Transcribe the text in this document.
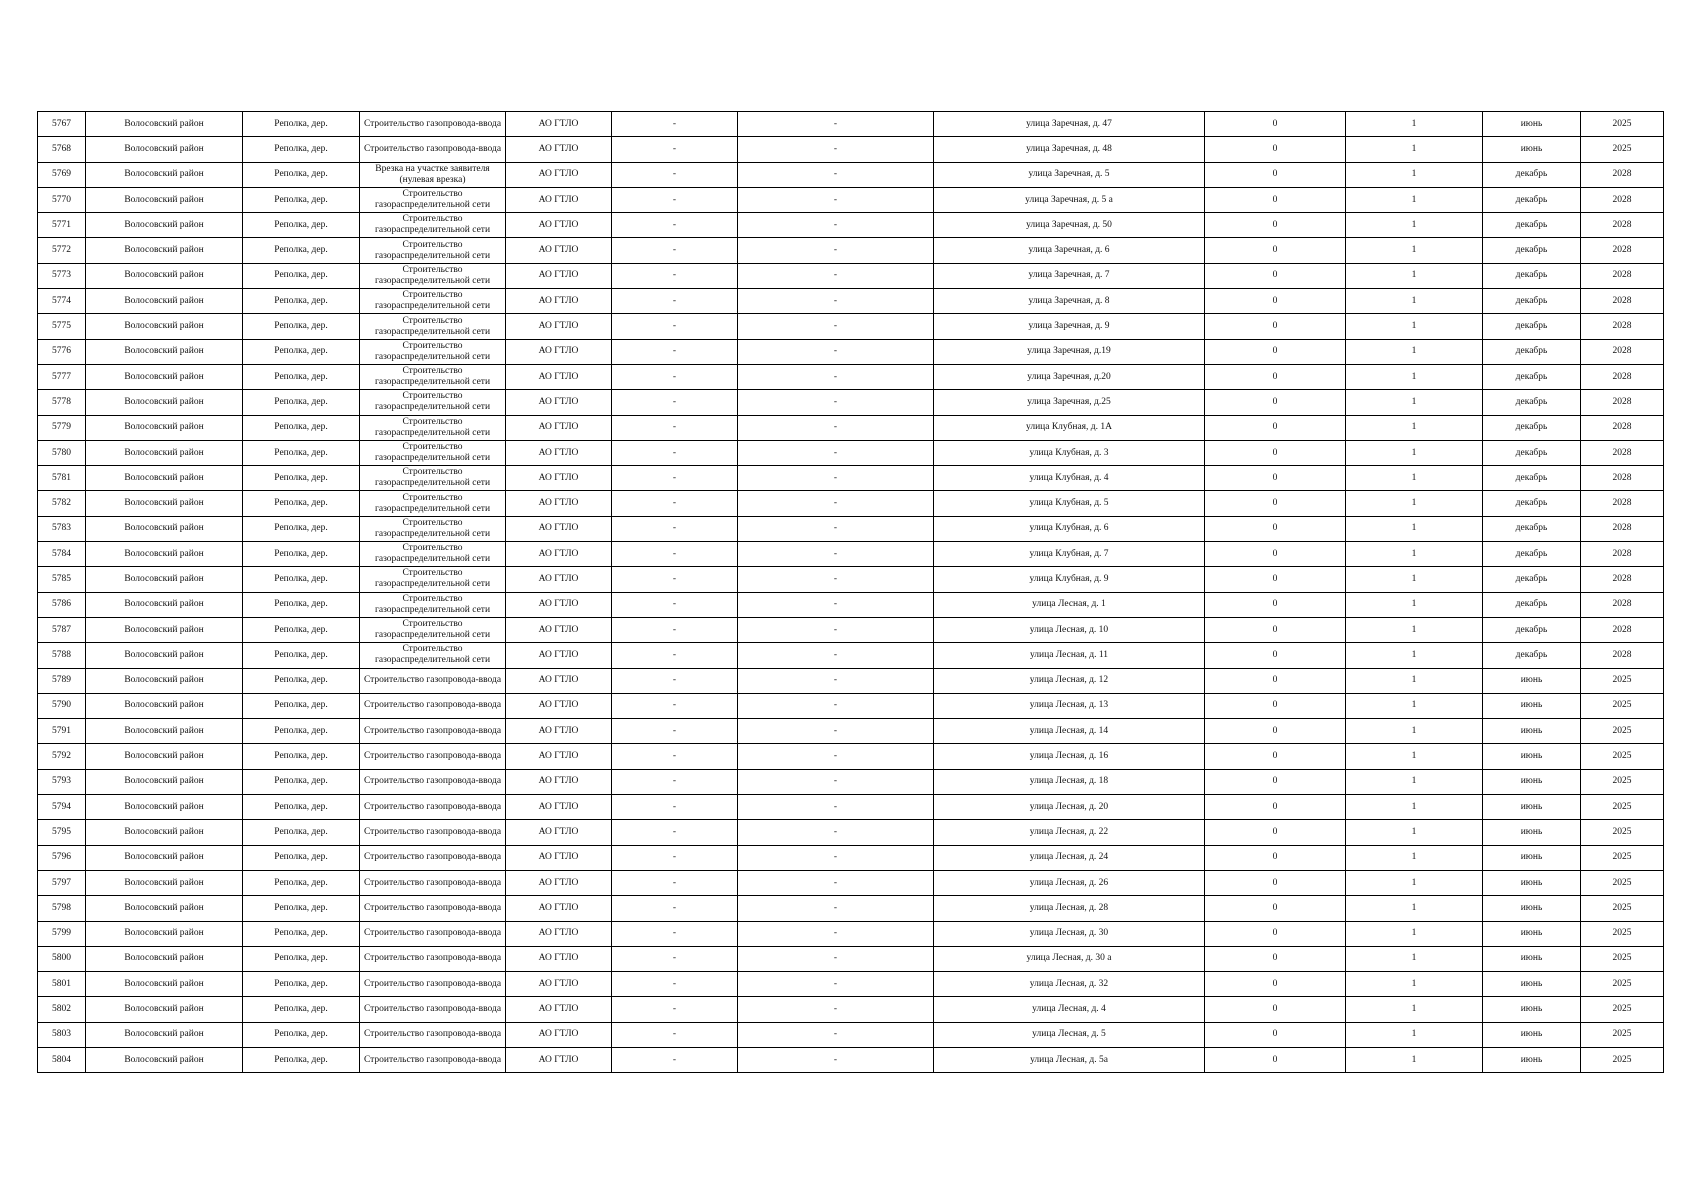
5767	Волосовский район	Реполка, дер.	Строительство газопровода-ввода	АО ГТЛО	-	-	улица Заречная, д. 47	0	1	июнь	2025
5768	Волосовский район	Реполка, дер.	Строительство газопровода-ввода	АО ГТЛО	-	-	улица Заречная, д. 48	0	1	июнь	2025
5769	Волосовский район	Реполка, дер.	Врезка на участке заявителя (нулевая врезка)	АО ГТЛО	-	-	улица Заречная, д. 5	0	1	декабрь	2028
5770	Волосовский район	Реполка, дер.	Строительство газораспределительной сети	АО ГТЛО	-	-	улица Заречная, д. 5 а	0	1	декабрь	2028
5771	Волосовский район	Реполка, дер.	Строительство газораспределительной сети	АО ГТЛО	-	-	улица Заречная, д. 50	0	1	декабрь	2028
5772	Волосовский район	Реполка, дер.	Строительство газораспределительной сети	АО ГТЛО	-	-	улица Заречная, д. 6	0	1	декабрь	2028
5773	Волосовский район	Реполка, дер.	Строительство газораспределительной сети	АО ГТЛО	-	-	улица Заречная, д. 7	0	1	декабрь	2028
5774	Волосовский район	Реполка, дер.	Строительство газораспределительной сети	АО ГТЛО	-	-	улица Заречная, д. 8	0	1	декабрь	2028
5775	Волосовский район	Реполка, дер.	Строительство газораспределительной сети	АО ГТЛО	-	-	улица Заречная, д. 9	0	1	декабрь	2028
5776	Волосовский район	Реполка, дер.	Строительство газораспределительной сети	АО ГТЛО	-	-	улица Заречная, д.19	0	1	декабрь	2028
5777	Волосовский район	Реполка, дер.	Строительство газораспределительной сети	АО ГТЛО	-	-	улица Заречная, д.20	0	1	декабрь	2028
5778	Волосовский район	Реполка, дер.	Строительство газораспределительной сети	АО ГТЛО	-	-	улица Заречная, д.25	0	1	декабрь	2028
5779	Волосовский район	Реполка, дер.	Строительство газораспределительной сети	АО ГТЛО	-	-	улица Клубная, д. 1А	0	1	декабрь	2028
5780	Волосовский район	Реполка, дер.	Строительство газораспределительной сети	АО ГТЛО	-	-	улица Клубная, д. 3	0	1	декабрь	2028
5781	Волосовский район	Реполка, дер.	Строительство газораспределительной сети	АО ГТЛО	-	-	улица Клубная, д. 4	0	1	декабрь	2028
5782	Волосовский район	Реполка, дер.	Строительство газораспределительной сети	АО ГТЛО	-	-	улица Клубная, д. 5	0	1	декабрь	2028
5783	Волосовский район	Реполка, дер.	Строительство газораспределительной сети	АО ГТЛО	-	-	улица Клубная, д. 6	0	1	декабрь	2028
5784	Волосовский район	Реполка, дер.	Строительство газораспределительной сети	АО ГТЛО	-	-	улица Клубная, д. 7	0	1	декабрь	2028
5785	Волосовский район	Реполка, дер.	Строительство газораспределительной сети	АО ГТЛО	-	-	улица Клубная, д. 9	0	1	декабрь	2028
5786	Волосовский район	Реполка, дер.	Строительство газораспределительной сети	АО ГТЛО	-	-	улица Лесная, д. 1	0	1	декабрь	2028
5787	Волосовский район	Реполка, дер.	Строительство газораспределительной сети	АО ГТЛО	-	-	улица Лесная, д. 10	0	1	декабрь	2028
5788	Волосовский район	Реполка, дер.	Строительство газораспределительной сети	АО ГТЛО	-	-	улица Лесная, д. 11	0	1	декабрь	2028
5789	Волосовский район	Реполка, дер.	Строительство газопровода-ввода	АО ГТЛО	-	-	улица Лесная, д. 12	0	1	июнь	2025
5790	Волосовский район	Реполка, дер.	Строительство газопровода-ввода	АО ГТЛО	-	-	улица Лесная, д. 13	0	1	июнь	2025
5791	Волосовский район	Реполка, дер.	Строительство газопровода-ввода	АО ГТЛО	-	-	улица Лесная, д. 14	0	1	июнь	2025
5792	Волосовский район	Реполка, дер.	Строительство газопровода-ввода	АО ГТЛО	-	-	улица Лесная, д. 16	0	1	июнь	2025
5793	Волосовский район	Реполка, дер.	Строительство газопровода-ввода	АО ГТЛО	-	-	улица Лесная, д. 18	0	1	июнь	2025
5794	Волосовский район	Реполка, дер.	Строительство газопровода-ввода	АО ГТЛО	-	-	улица Лесная, д. 20	0	1	июнь	2025
5795	Волосовский район	Реполка, дер.	Строительство газопровода-ввода	АО ГТЛО	-	-	улица Лесная, д. 22	0	1	июнь	2025
5796	Волосовский район	Реполка, дер.	Строительство газопровода-ввода	АО ГТЛО	-	-	улица Лесная, д. 24	0	1	июнь	2025
5797	Волосовский район	Реполка, дер.	Строительство газопровода-ввода	АО ГТЛО	-	-	улица Лесная, д. 26	0	1	июнь	2025
5798	Волосовский район	Реполка, дер.	Строительство газопровода-ввода	АО ГТЛО	-	-	улица Лесная, д. 28	0	1	июнь	2025
5799	Волосовский район	Реполка, дер.	Строительство газопровода-ввода	АО ГТЛО	-	-	улица Лесная, д. 30	0	1	июнь	2025
5800	Волосовский район	Реполка, дер.	Строительство газопровода-ввода	АО ГТЛО	-	-	улица Лесная, д. 30 а	0	1	июнь	2025
5801	Волосовский район	Реполка, дер.	Строительство газопровода-ввода	АО ГТЛО	-	-	улица Лесная, д. 32	0	1	июнь	2025
5802	Волосовский район	Реполка, дер.	Строительство газопровода-ввода	АО ГТЛО	-	-	улица Лесная, д. 4	0	1	июнь	2025
5803	Волосовский район	Реполка, дер.	Строительство газопровода-ввода	АО ГТЛО	-	-	улица Лесная, д. 5	0	1	июнь	2025
5804	Волосовский район	Реполка, дер.	Строительство газопровода-ввода	АО ГТЛО	-	-	улица Лесная, д. 5а	0	1	июнь	2025
